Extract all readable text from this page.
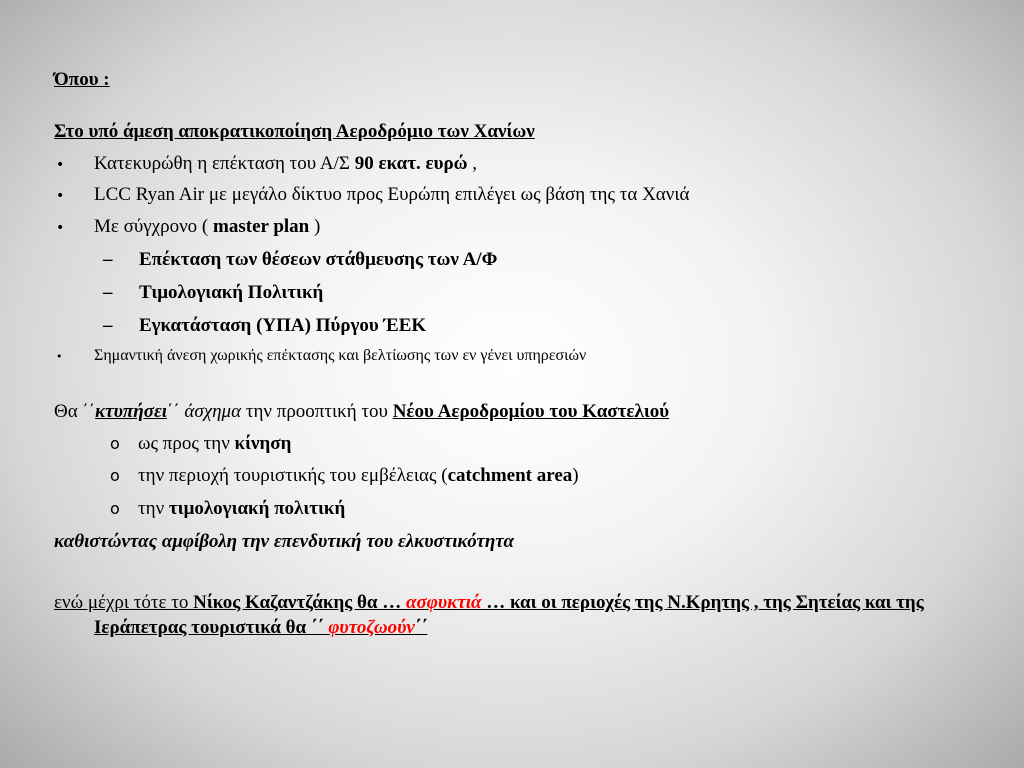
Όπου :
Στο υπό άμεση αποκρατικοποίηση Αεροδρόμιο των Χανίων
• Κατεκυρώθη η επέκταση του Α/Σ 90 εκατ. ευρώ ,
• LCC Ryan Air με μεγάλο δίκτυο προς Ευρώπη επιλέγει ως βάση της τα Χανιά
• Με σύγχρονο ( master plan )
– Επέκταση των θέσεων στάθμευσης των Α/Φ
– Τιμολογιακή Πολιτική
– Εγκατάσταση (ΥΠΑ) Πύργου ΈΕΚ
• Σημαντική άνεση χωρικής επέκτασης και βελτίωσης των εν γένει υπηρεσιών
Θα ΄΄κτυπήσει΄΄ άσχημα την προοπτική του Νέου Αεροδρομίου του Καστελιού
o ως προς την κίνηση
o την περιοχή τουριστικής του εμβέλειας (catchment area)
o την τιμολογιακή πολιτική
καθιστώντας αμφίβολη την επενδυτική του ελκυστικότητα
ενώ μέχρι τότε το Νίκος Καζαντζάκης θα … ασφυκτιά … και οι περιοχές της Ν.Κρητης , της Σητείας και της Ιεράπετρας τουριστικά θα ΄΄ φυτοζωούν΄΄
